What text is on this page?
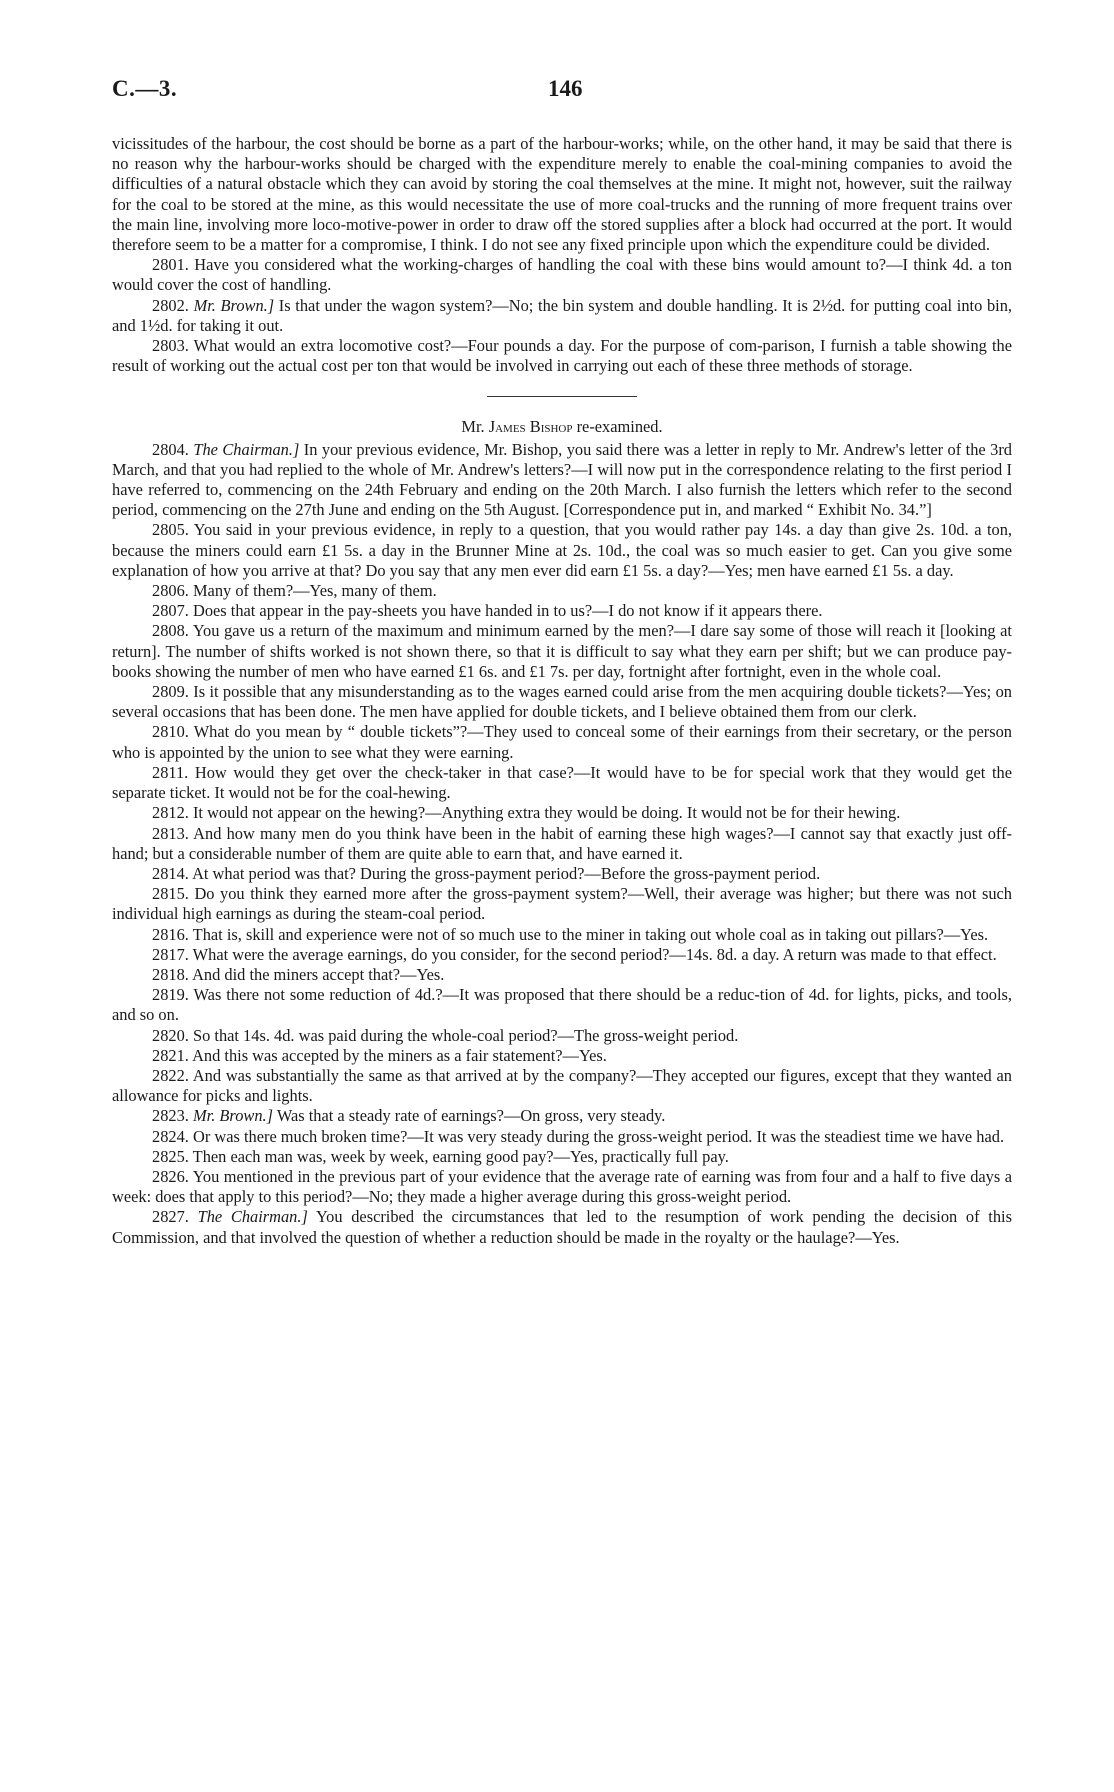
C.—3.	146

vicissitudes of the harbour, the cost should be borne as a part of the harbour-works; while, on the other hand, it may be said that there is no reason why the harbour-works should be charged with the expenditure merely to enable the coal-mining companies to avoid the difficulties of a natural obstacle which they can avoid by storing the coal themselves at the mine. It might not, however, suit the railway for the coal to be stored at the mine, as this would necessitate the use of more coal-trucks and the running of more frequent trains over the main line, involving more loco-motive-power in order to draw off the stored supplies after a block had occurred at the port. It would therefore seem to be a matter for a compromise, I think. I do not see any fixed principle upon which the expenditure could be divided.

2801. Have you considered what the working-charges of handling the coal with these bins would amount to?—I think 4d. a ton would cover the cost of handling.

2802. Mr. Brown.] Is that under the wagon system?—No; the bin system and double handling. It is 2½d. for putting coal into bin, and 1½d. for taking it out.

2803. What would an extra locomotive cost?—Four pounds a day. For the purpose of com-parison, I furnish a table showing the result of working out the actual cost per ton that would be involved in carrying out each of these three methods of storage.

Mr. James Bishop re-examined.

2804. The Chairman.] In your previous evidence, Mr. Bishop, you said there was a letter in reply to Mr. Andrew's letter of the 3rd March, and that you had replied to the whole of Mr. Andrew's letters?—I will now put in the correspondence relating to the first period I have referred to, commencing on the 24th February and ending on the 20th March. I also furnish the letters which refer to the second period, commencing on the 27th June and ending on the 5th August. [Correspondence put in, and marked “ Exhibit No. 34.”]

2805. You said in your previous evidence, in reply to a question, that you would rather pay 14s. a day than give 2s. 10d. a ton, because the miners could earn £1 5s. a day in the Brunner Mine at 2s. 10d., the coal was so much easier to get. Can you give some explanation of how you arrive at that? Do you say that any men ever did earn £1 5s. a day?—Yes; men have earned £1 5s. a day.

2806. Many of them?—Yes, many of them.

2807. Does that appear in the pay-sheets you have handed in to us?—I do not know if it appears there.

2808. You gave us a return of the maximum and minimum earned by the men?—I dare say some of those will reach it [looking at return]. The number of shifts worked is not shown there, so that it is difficult to say what they earn per shift; but we can produce pay-books showing the number of men who have earned £1 6s. and £1 7s. per day, fortnight after fortnight, even in the whole coal.

2809. Is it possible that any misunderstanding as to the wages earned could arise from the men acquiring double tickets?—Yes; on several occasions that has been done. The men have applied for double tickets, and I believe obtained them from our clerk.

2810. What do you mean by “ double tickets”?—They used to conceal some of their earnings from their secretary, or the person who is appointed by the union to see what they were earning.

2811. How would they get over the check-taker in that case?—It would have to be for special work that they would get the separate ticket. It would not be for the coal-hewing.

2812. It would not appear on the hewing?—Anything extra they would be doing. It would not be for their hewing.

2813. And how many men do you think have been in the habit of earning these high wages?—I cannot say that exactly just off-hand; but a considerable number of them are quite able to earn that, and have earned it.

2814. At what period was that? During the gross-payment period?—Before the gross-payment period.

2815. Do you think they earned more after the gross-payment system?—Well, their average was higher; but there was not such individual high earnings as during the steam-coal period.

2816. That is, skill and experience were not of so much use to the miner in taking out whole coal as in taking out pillars?—Yes.

2817. What were the average earnings, do you consider, for the second period?—14s. 8d. a day. A return was made to that effect.

2818. And did the miners accept that?—Yes.

2819. Was there not some reduction of 4d.?—It was proposed that there should be a reduc-tion of 4d. for lights, picks, and tools, and so on.

2820. So that 14s. 4d. was paid during the whole-coal period?—The gross-weight period.

2821. And this was accepted by the miners as a fair statement?—Yes.

2822. And was substantially the same as that arrived at by the company?—They accepted our figures, except that they wanted an allowance for picks and lights.

2823. Mr. Brown.] Was that a steady rate of earnings?—On gross, very steady.

2824. Or was there much broken time?—It was very steady during the gross-weight period. It was the steadiest time we have had.

2825. Then each man was, week by week, earning good pay?—Yes, practically full pay.

2826. You mentioned in the previous part of your evidence that the average rate of earning was from four and a half to five days a week: does that apply to this period?—No; they made a higher average during this gross-weight period.

2827. The Chairman.] You described the circumstances that led to the resumption of work pending the decision of this Commission, and that involved the question of whether a reduction should be made in the royalty or the haulage?—Yes.
